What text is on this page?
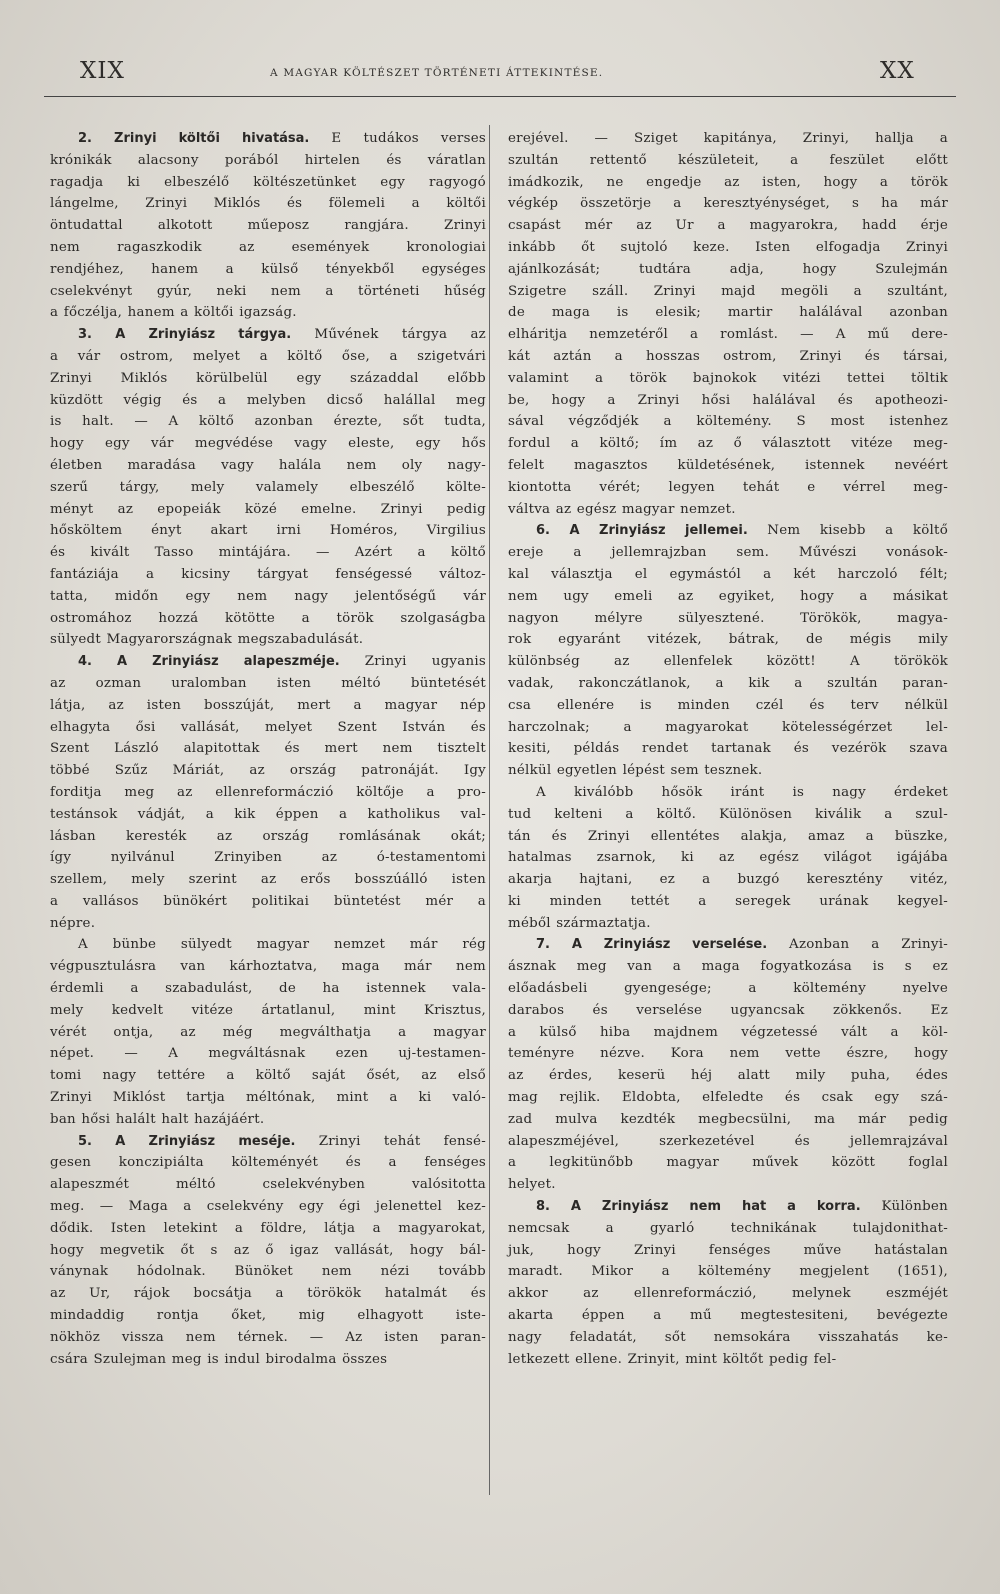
XIX	A MAGYAR KÖLTÉSZET TÖRTÉNETI ÁTTEKINTÉSE.	XX
2. Zrinyi költői hivatása. E tudákos verses
krónikák alacsony porából hirtelen és váratlan
ragadja ki elbeszélő költészetünket egy ragyogó
lángelme, Zrinyi Miklós és fölemeli a költői
öntudattal alkotott műeposz rangjára. Zrinyi
nem ragaszkodik az események kronologiai
rendjéhez, hanem a külső tényekből egységes
cselekvényt gyúr, neki nem a történeti hűség
a főczélja, hanem a költői igazság.
3. A Zrinyiász tárgya. Művének tárgya az
a vár ostrom, melyet a költő őse, a szigetvári
Zrinyi Miklós körülbelül egy századdal előbb
küzdött végig és a melyben dicső halállal meg
is halt. — A költő azonban érezte, sőt tudta,
hogy egy vár megvédése vagy eleste, egy hős
életben maradása vagy halála nem oly nagy-
szerű tárgy, mely valamely elbeszélő költe-
ményt az epopeiák közé emelne. Zrinyi pedig
hősköltem ényt akart irni Homéros, Virgilius
és kivált Tasso mintájára. — Azért a költő
fantáziája a kicsiny tárgyat fenségessé változ-
tatta, midőn egy nem nagy jelentőségű vár
ostromához hozzá kötötte a török szolgaságba
sülyedt Magyarországnak megszabadulását.
4. A Zrinyiász alapeszméje. Zrinyi ugyanis
az ozman uralomban isten méltó büntetését
látja, az isten bosszúját, mert a magyar nép
elhagyta ősi vallását, melyet Szent István és
Szent László alapitottak és mert nem tisztelt
többé Szűz Máriát, az ország patronáját. Igy
forditja meg az ellenreformáczió költője a pro-
testánsok vádját, a kik éppen a katholikus val-
lásban keresték az ország romlásának okát;
így nyilvánul Zrinyiben az ó-testamentomi
szellem, mely szerint az erős bosszúálló isten
a vallásos bünökért politikai büntetést mér a
népre.
A bünbe sülyedt magyar nemzet már rég
végpusztulásra van kárhoztatva, maga már nem
érdemli a szabadulást, de ha istennek vala-
mely kedvelt vitéze ártatlanul, mint Krisztus,
vérét ontja, az még megválthatja a magyar
népet. — A megváltásnak ezen uj-testamen-
tomi nagy tettére a költő saját ősét, az első
Zrinyi Miklóst tartja méltónak, mint a ki való-
ban hősi halált halt hazájáért.
5. A Zrinyiász meséje. Zrinyi tehát fensé-
gesen konczipiálta költeményét és a fenséges
alapeszmét méltó cselekvényben valósitotta
meg. — Maga a cselekvény egy égi jelenettel kez-
dődik. Isten letekint a földre, látja a magyarokat,
hogy megvetik őt s az ő igaz vallását, hogy bál-
ványnak hódolnak. Bünöket nem nézi tovább
az Ur, rájok bocsátja a törökök hatalmát és
mindaddig rontja őket, mig elhagyott iste-
nökhöz vissza nem térnek. — Az isten paran-
csára Szulejman meg is indul birodalma összes
erejével. — Sziget kapitánya, Zrinyi, hallja a
szultán rettentő készületeit, a feszület előtt
imádkozik, ne engedje az isten, hogy a török
végkép összetörje a keresztyénységet, s ha már
csapást mér az Ur a magyarokra, hadd érje
inkább őt sujtoló keze. Isten elfogadja Zrinyi
ajánlkozását; tudtára adja, hogy Szulejmán
Szigetre száll. Zrinyi majd megöli a szultánt,
de maga is elesik; martir halálával azonban
elháritja nemzetéről a romlást. — A mű dere-
kát aztán a hosszas ostrom, Zrinyi és társai,
valamint a török bajnokok vitézi tettei töltik
be, hogy a Zrinyi hősi halálával és apotheozi-
sával végződjék a költemény. S most istenhez
fordul a költő; ím az ő választott vitéze meg-
felelt magasztos küldetésének, istennek nevéért
kiontotta vérét; legyen tehát e vérrel meg-
váltva az egész magyar nemzet.
6. A Zrinyiász jellemei. Nem kisebb a költő
ereje a jellemrajzban sem. Művészi vonások-
kal választja el egymástól a két harczoló félt;
nem ugy emeli az egyiket, hogy a másikat
nagyon mélyre sülyesztené. Törökök, magya-
rok egyaránt vitézek, bátrak, de mégis mily
különbség az ellenfelek között! A törökök
vadak, rakonczátlanok, a kik a szultán paran-
csa ellenére is minden czél és terv nélkül
harczolnak; a magyarokat kötelességérzet lel-
kesiti, példás rendet tartanak és vezérök szava
nélkül egyetlen lépést sem tesznek.
A kiválóbb hősök iránt is nagy érdeket
tud kelteni a költő. Különösen kiválik a szul-
tán és Zrinyi ellentétes alakja, amaz a büszke,
hatalmas zsarnok, ki az egész világot igájába
akarja hajtani, ez a buzgó keresztény vitéz,
ki minden tettét a seregek urának kegyel-
méből származtatja.
7. A Zrinyiász verselése. Azonban a Zrinyi-
ásznak meg van a maga fogyatkozása is s ez
előadásbeli gyengesége; a költemény nyelve
darabos és verselése ugyancsak zökkenős. Ez
a külső hiba majdnem végzetessé vált a köl-
teményre nézve. Kora nem vette észre, hogy
az érdes, keserü héj alatt mily puha, édes
mag rejlik. Eldobta, elfeledte és csak egy szá-
zad mulva kezdték megbecsülni, ma már pedig
alapeszméjével, szerkezetével és jellemrajzával
a legkitünőbb magyar művek között foglal
helyet.
8. A Zrinyiász nem hat a korra. Különben
nemcsak a gyarló technikának tulajdonithat-
juk, hogy Zrinyi fenséges műve hatástalan
maradt. Mikor a költemény megjelent (1651),
akkor az ellenreformáczió, melynek eszméjét
akarta éppen a mű megtestesiteni, bevégezte
nagy feladatát, sőt nemsokára visszahatás ke-
letkezett ellene. Zrinyit, mint költőt pedig fel-
